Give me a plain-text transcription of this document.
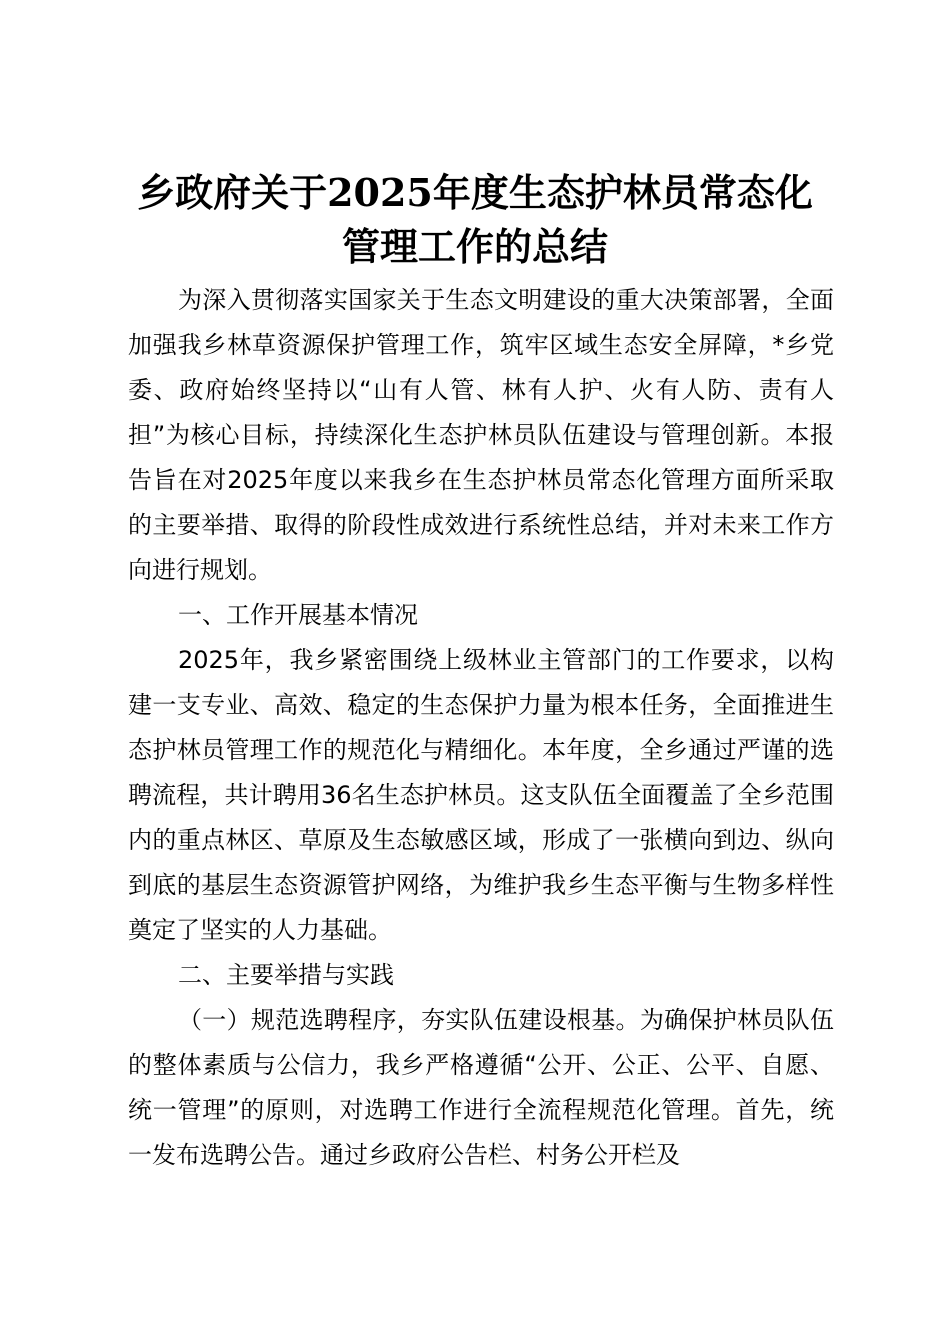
乡政府关于2025年度生态护林员常态化管理工作的总结

为深入贯彻落实国家关于生态文明建设的重大决策部署，全面加强我乡林草资源保护管理工作，筑牢区域生态安全屏障，*乡党委、政府始终坚持以“山有人管、林有人护、火有人防、责有人担”为核心目标，持续深化生态护林员队伍建设与管理创新。本报告旨在对2025年度以来我乡在生态护林员常态化管理方面所采取的主要举措、取得的阶段性成效进行系统性总结，并对未来工作方向进行规划。

一、工作开展基本情况

2025年，我乡紧密围绕上级林业主管部门的工作要求，以构建一支专业、高效、稳定的生态保护力量为根本任务，全面推进生态护林员管理工作的规范化与精细化。本年度，全乡通过严谨的选聘流程，共计聘用36名生态护林员。这支队伍全面覆盖了全乡范围内的重点林区、草原及生态敏感区域，形成了一张横向到边、纵向到底的基层生态资源管护网络，为维护我乡生态平衡与生物多样性奠定了坚实的人力基础。

二、主要举措与实践

（一）规范选聘程序，夯实队伍建设根基。为确保护林员队伍的整体素质与公信力，我乡严格遵循“公开、公正、公平、自愿、统一管理”的原则，对选聘工作进行全流程规范化管理。首先，统一发布选聘公告。通过乡政府公告栏、村务公开栏及
